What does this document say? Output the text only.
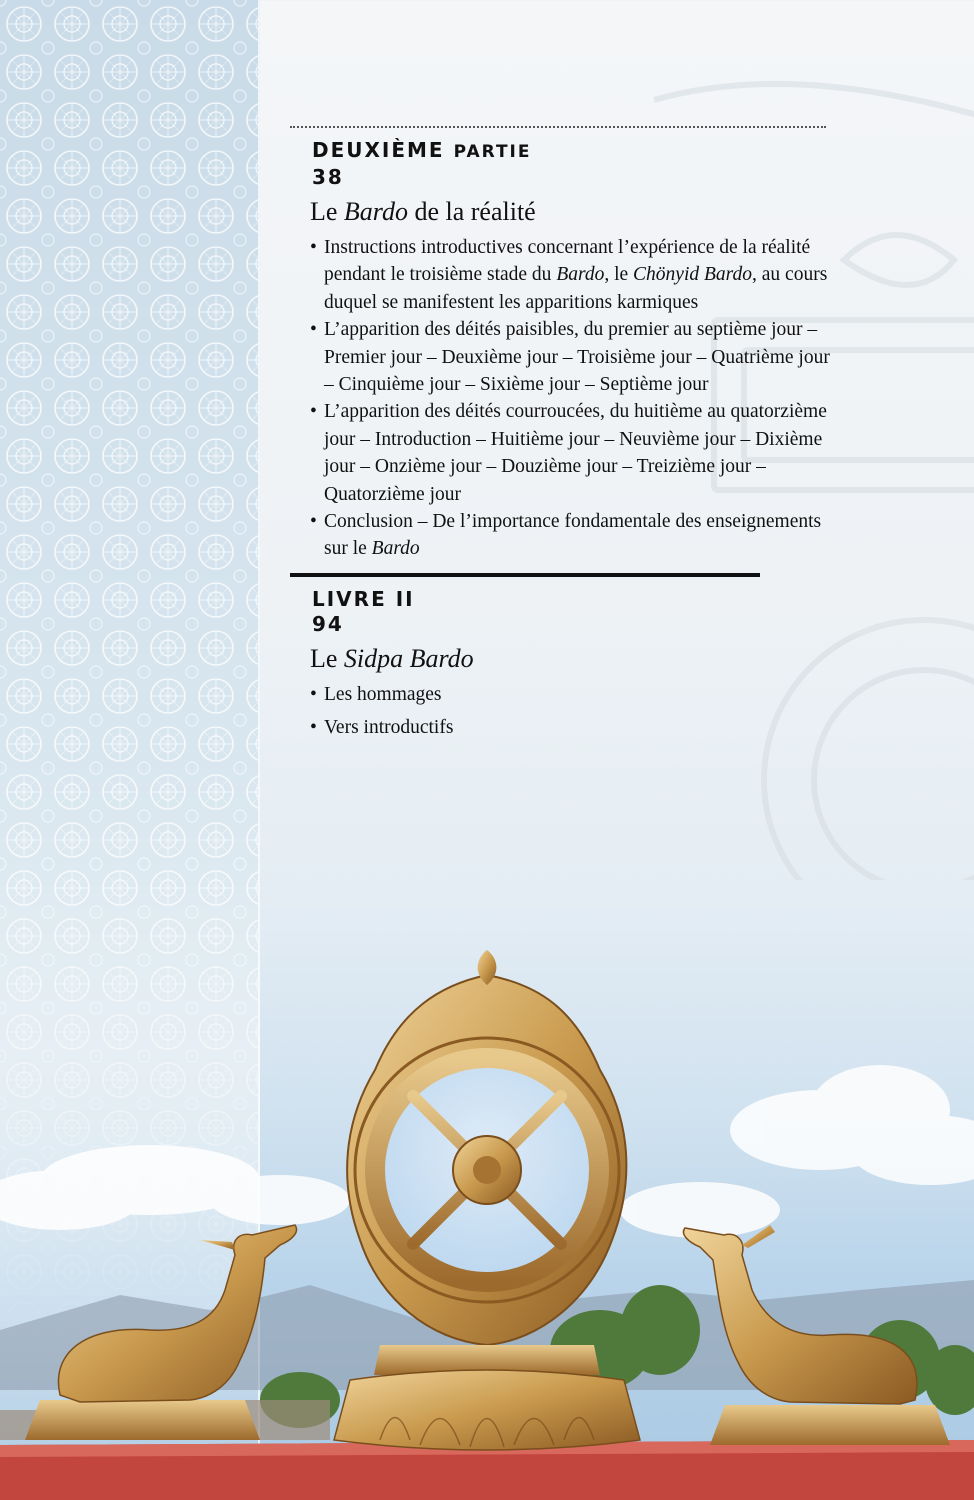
DEUXIÈME PARTIE
38
Le Bardo de la réalité
• Instructions introductives concernant l’expérience de la réalité pendant le troisième stade du Bardo, le Chönyid Bardo, au cours duquel se manifestent les apparitions karmiques
• L’apparition des déités paisibles, du premier au septième jour – Premier jour – Deuxième jour – Troisième jour – Quatrième jour – Cinquième jour – Sixième jour – Septième jour
• L’apparition des déités courroucées, du huitième au quatorzième jour – Introduction – Huitième jour – Neuvième jour – Dixième jour – Onzième jour – Douzième jour – Treizième jour – Quatorzième jour
• Conclusion – De l’importance fondamentale des enseignements sur le Bardo
LIVRE II
94
Le Sidpa Bardo
• Les hommages
• Vers introductifs
